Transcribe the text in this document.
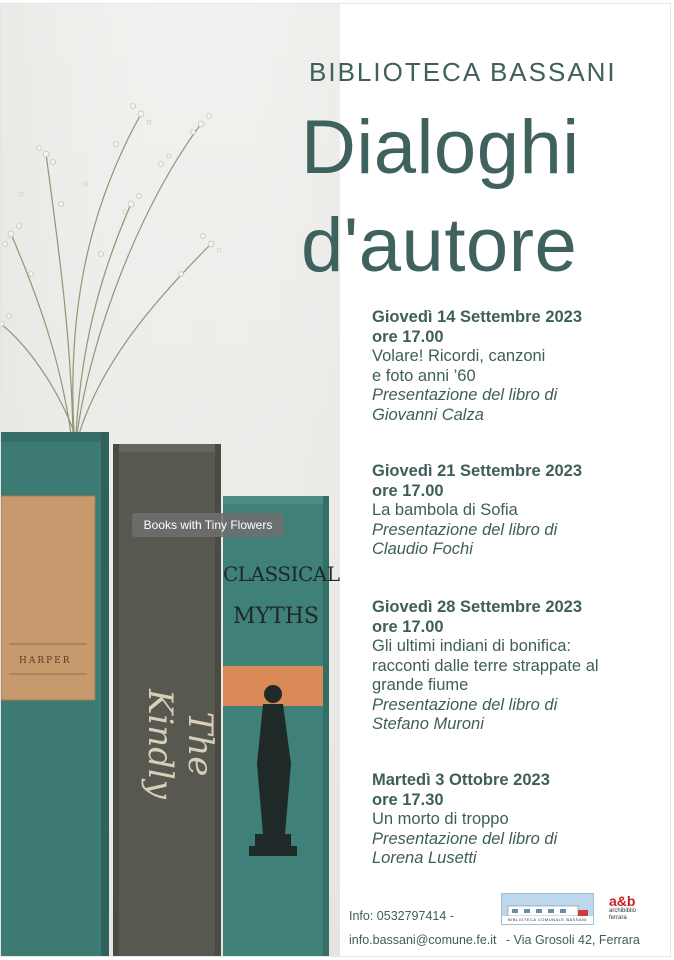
HARPER
The Kindly
CLASSICAL
MYTHS
Books with Tiny Flowers
BIBLIOTECA BASSANI
Dialoghi
d'autore
Giovedì 14 Settembre 2023
ore 17.00
Volare! Ricordi, canzoni
e foto anni ’60
Presentazione del libro di
Giovanni Calza
Giovedì 21 Settembre 2023
ore 17.00
La bambola di Sofia
Presentazione del libro di
Claudio Fochi
Giovedì 28 Settembre 2023
ore 17.00
Gli ultimi indiani di bonifica:
racconti dalle terre strappate al
grande fiume
Presentazione del libro di
Stefano Muroni
Martedì 3 Ottobre 2023
ore 17.30
Un morto di troppo
Presentazione del libro di
Lorena Lusetti
Info: 0532797414 -
info.bassani@comune.fe.it - Via Grosoli 42, Ferrara
BIBLIOTECA COMUNALE BASSANI
a&b
archibiblio
ferrara
